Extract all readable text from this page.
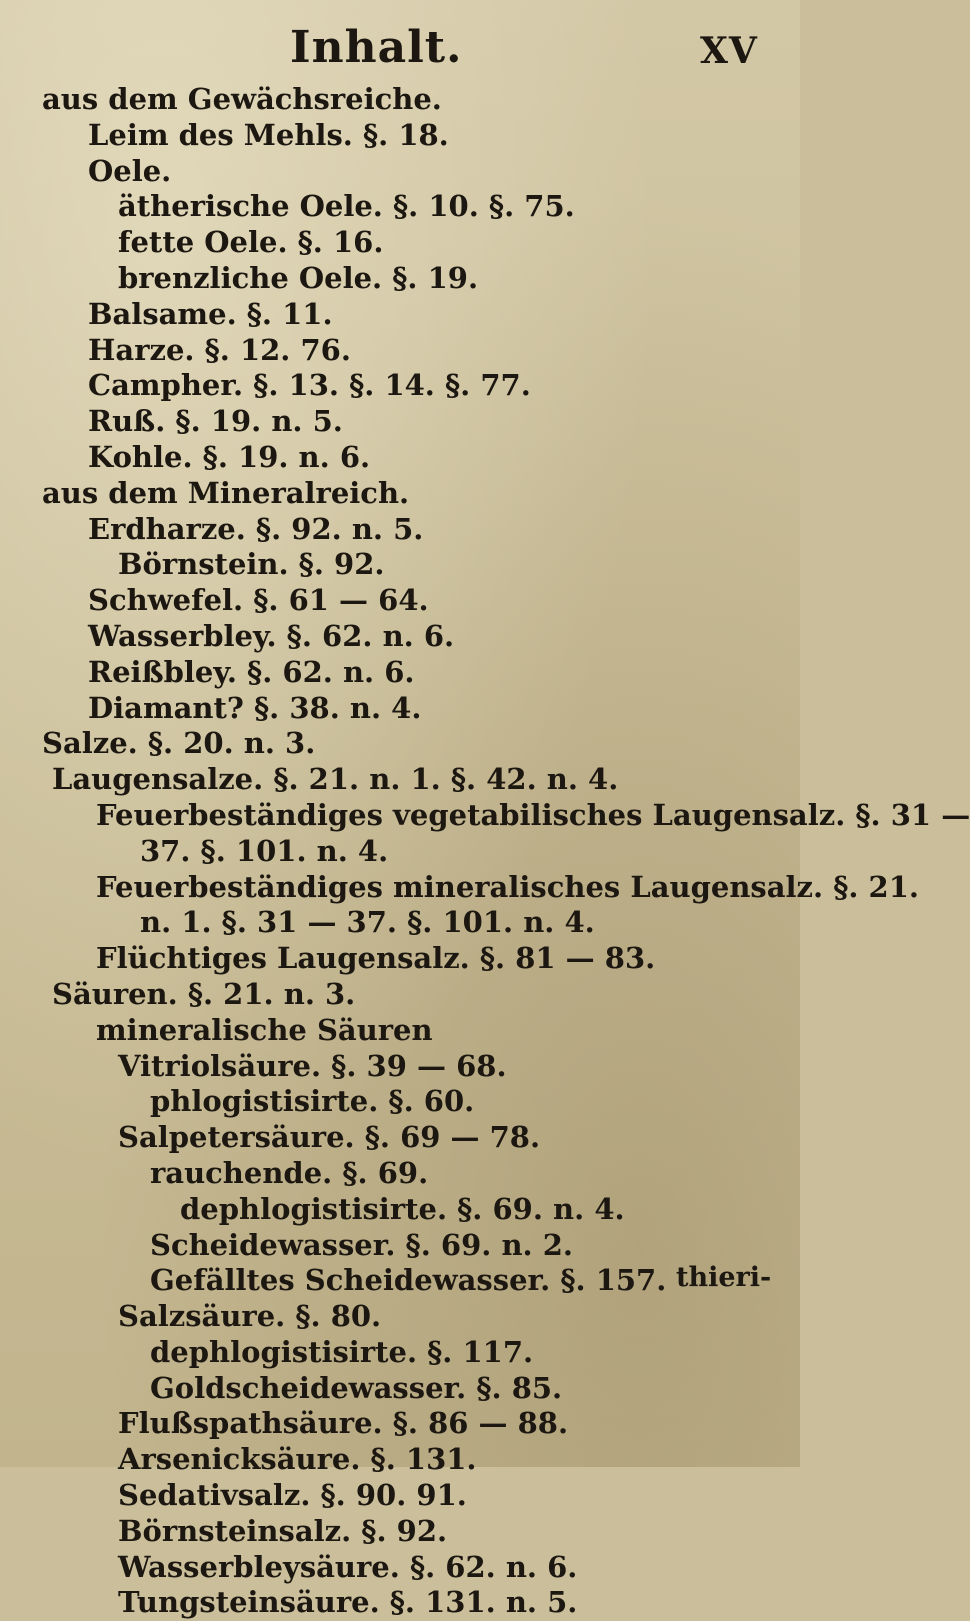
Inhalt.	XV
aus dem Gewächsreiche.
Leim des Mehls. §. 18.
Oele.
ätherische Oele. §. 10. §. 75.
fette Oele. §. 16.
brenzliche Oele. §. 19.
Balsame. §. 11.
Harze. §. 12. 76.
Campher. §. 13. §. 14. §. 77.
Ruß. §. 19. n. 5.
Kohle. §. 19. n. 6.
aus dem Mineralreich.
Erdharze. §. 92. n. 5.
Börnstein. §. 92.
Schwefel. §. 61 — 64.
Wasserbley. §. 62. n. 6.
Reißbley. §. 62. n. 6.
Diamant? §. 38. n. 4.
Salze. §. 20. n. 3.
Laugensalze. §. 21. n. 1. §. 42. n. 4.
Feuerbeständiges vegetabilisches Laugensalz. §. 31 —
37. §. 101. n. 4.
Feuerbeständiges mineralisches Laugensalz. §. 21.
n. 1. §. 31 — 37. §. 101. n. 4.
Flüchtiges Laugensalz. §. 81 — 83.
Säuren. §. 21. n. 3.
mineralische Säuren
Vitriolsäure. §. 39 — 68.
phlogistisirte. §. 60.
Salpetersäure. §. 69 — 78.
rauchende. §. 69.
dephlogistisirte. §. 69. n. 4.
Scheidewasser. §. 69. n. 2.
Gefälltes Scheidewasser. §. 157.
Salzsäure. §. 80.
dephlogistisirte. §. 117.
Goldscheidewasser. §. 85.
Flußspathsäure. §. 86 — 88.
Arsenicksäure. §. 131.
Sedativsalz. §. 90. 91.
Börnsteinsalz. §. 92.
Wasserbleysäure. §. 62. n. 6.
Tungsteinsäure. §. 131. n. 5.
thieri-
